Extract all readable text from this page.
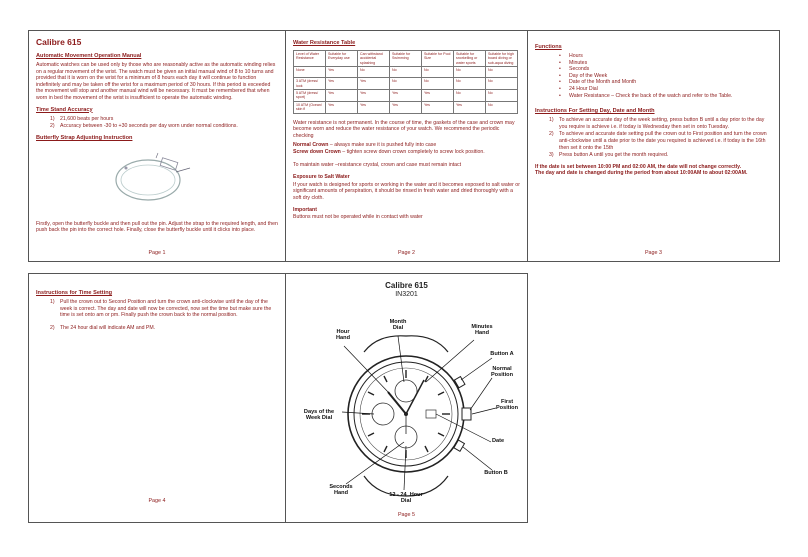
Calibre 615
Automatic Movement Operation Manual

Automatic watches can be used only by those who are reasonably active as the automatic winding relies on a regular movement of the wrist. The watch must be given an initial manual wind of 8 to 10 turns and provided that it is worn on the wrist for a minimum of 8 hours each day it will continue to function indefinitely and may be taken off the wrist for a maximum period of 30 hours. If this period is exceeded the movement will stop and another manual wind will be necessary. It must be remembered that when worn in bed the movement of the wrist is insufficient to operate the automatic winding.

Time Stand Accuracy
1)	21,600 beats per hours
2)	Accuracy between -30 to +30 seconds per day worn under normal conditions.
Butterfly Strap Adjusting Instruction

Firstly, open the butterfly buckle and then pull out the pin. Adjust the strap to the required length, and then push back the pin into the correct hole. Finally, close the butterfly buckle until it clicks into place.

Page 1
Water Resistance Table
Level of Water Resistance	Suitable for Everyday use	Can withstand accidental splashing	Suitable for Swimming	Suitable for Pool Size	Suitable for snorkelling or water sports	Suitable for high board diving or sub-aqua diving
None	Yes	No	No	No	No	No
3 ATM (dress/ look	Yes	Yes	No	No	No	No
5 ATM (dress/ sport)	Yes	Yes	Yes	Yes	No	No
10 ATM (Ocean/ skin fl	Yes	Yes	Yes	Yes	Yes	No

Water resistance is not permanent. In the course of time, the gaskets of the case and crown may become worn and reduce the water resistance of your watch. We recommend the periodic checking

Normal Crown – always make sure it is pushed fully into case

Screw down Crown – tighten screw down crown completely to screw lock position.

To maintain water –resistance crystal, crown and case must remain intact

Exposure to Salt Water

If your watch is designed for sports or working in the water and it becomes exposed to salt water or significant amounts of perspiration, it should be rinsed in fresh water and dried thoroughly with a soft dry cloth.

Important

Buttons must not be operated while in contact with water

Page 2
Functions
• Hours
• Minutes
• Seconds
• Day of the Week
• Date of the Month and Month
• 24 Hour Dial
• Water Resistance – Check the back of the watch and refer to the Table.
Instructions For Setting Day, Date and Month
1)	To achieve an accurate day of the week setting, press button B until a day prior to the day you require is achieve i.e. if today is Wednesday then set in onto Tuesday.
2)	To achieve and accurate date setting pull the crown out to First position and turn the crown anti-clockwise until a date prior to the date you required is achieved i.e. if today is the 16th then set it onto the 15th
3)	Press button A until you get the month required.

If the date is set between 10:00 PM and 02:00 AM, the date will not change correctly.

The day and date is changed during the period from about 10:00AM to about 02:00AM.

Page 3
Instructions for Time Setting
1)	Pull the crown out to Second Position and turn the crown anti-clockwise until the day of the week is correct. The day and date will now be corrected, now set the time but make sure the time is set onto am or pm. Finally push the crown back to the normal position.
2)	The 24 hour dial will indicate AM and PM.
Page 4
Calibre 615
IN3201
Hour
Hand
Month
Dial	Minutes
Hand
Button A
Normal
Position
First
Position
Days of the
Week Dial
Date
Button B
Seconds
Hand	12 - 24  Hour
Dial
Page 5
